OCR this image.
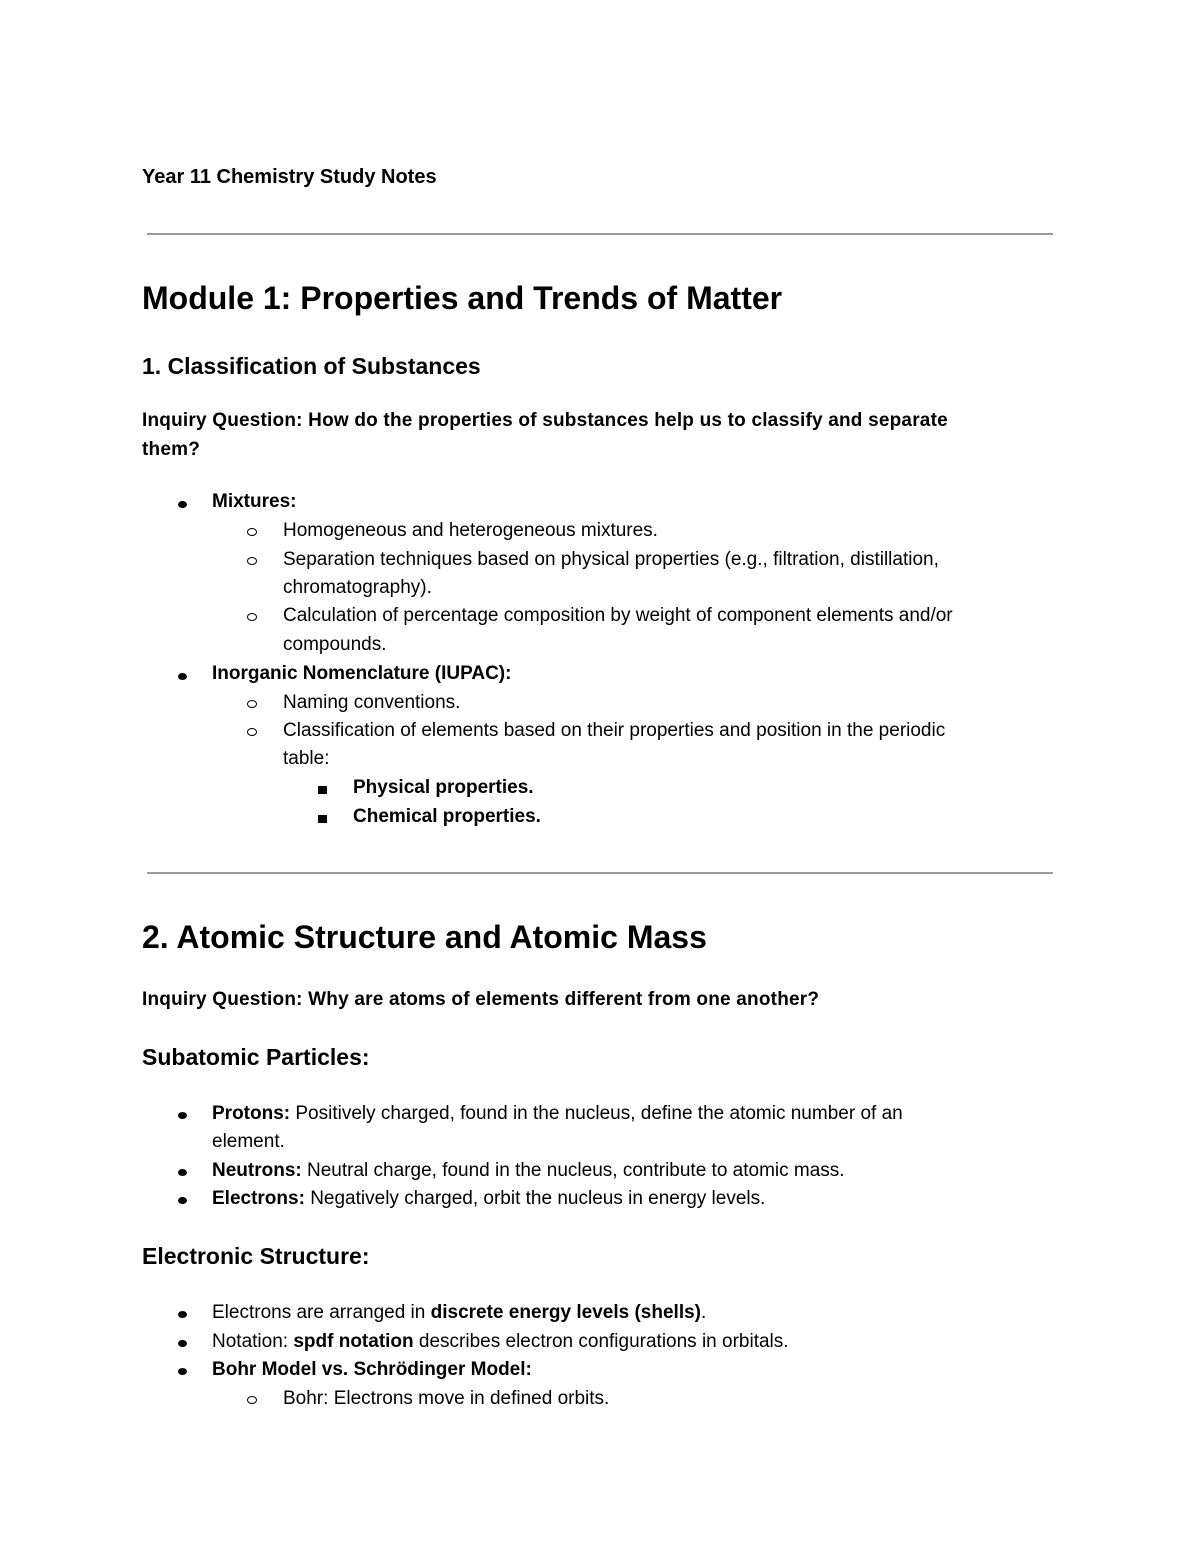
Year 11 Chemistry Study Notes
Module 1: Properties and Trends of Matter
1. Classification of Substances
Inquiry Question: How do the properties of substances help us to classify and separate
them?
Mixtures:
Homogeneous and heterogeneous mixtures.
Separation techniques based on physical properties (e.g., filtration, distillation,
chromatography).
Calculation of percentage composition by weight of component elements and/or
compounds.
Inorganic Nomenclature (IUPAC):
Naming conventions.
Classification of elements based on their properties and position in the periodic
table:
Physical properties.
Chemical properties.
2. Atomic Structure and Atomic Mass
Inquiry Question: Why are atoms of elements different from one another?
Subatomic Particles:
Protons: Positively charged, found in the nucleus, define the atomic number of an
element.
Neutrons: Neutral charge, found in the nucleus, contribute to atomic mass.
Electrons: Negatively charged, orbit the nucleus in energy levels.
Electronic Structure:
Electrons are arranged in discrete energy levels (shells).
Notation: spdf notation describes electron configurations in orbitals.
Bohr Model vs. Schrödinger Model:
Bohr: Electrons move in defined orbits.
